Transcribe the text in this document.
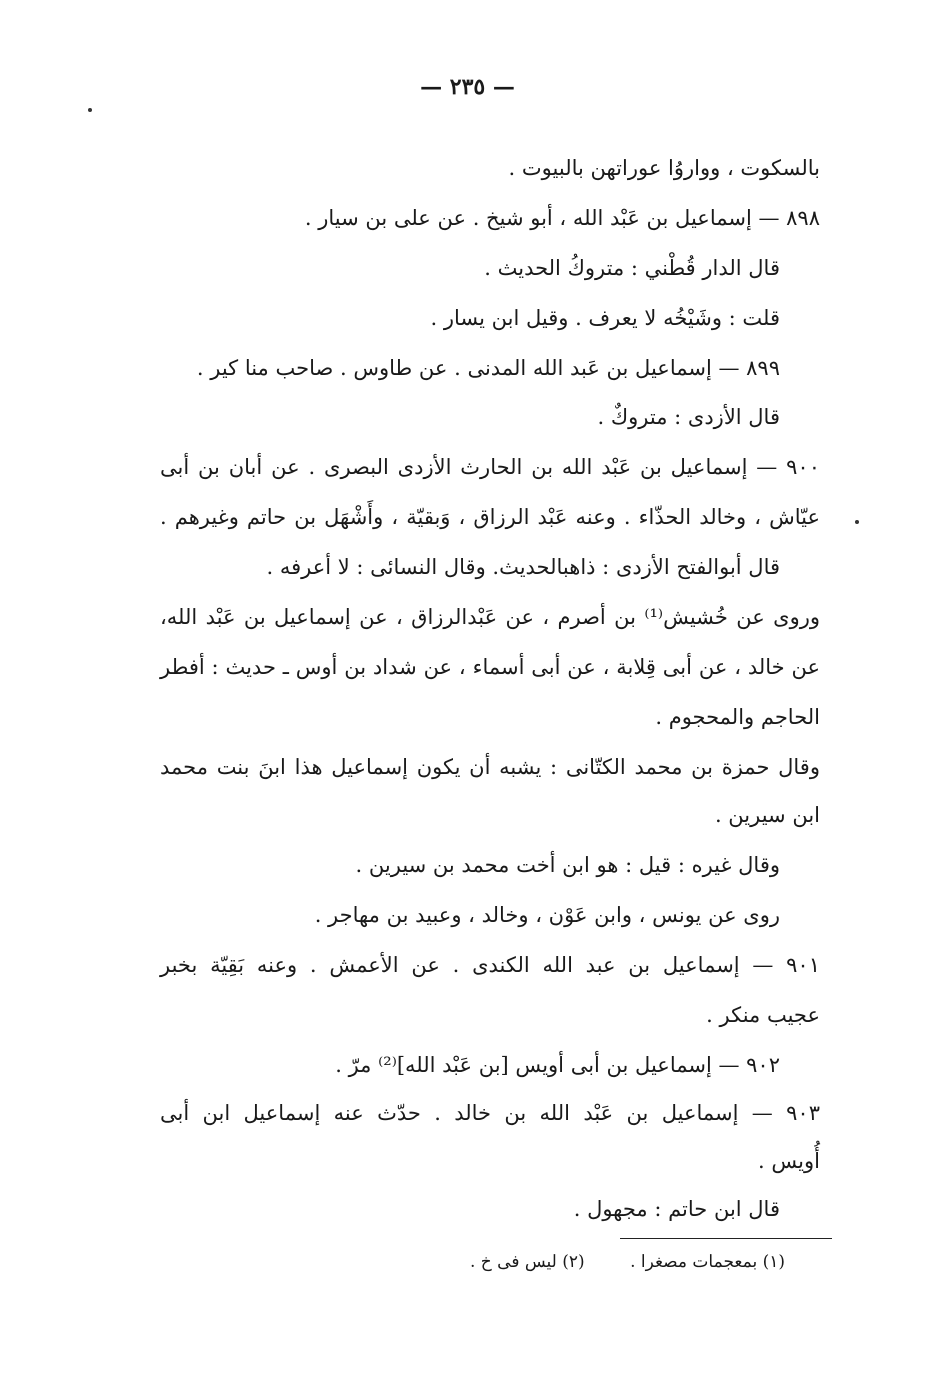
— ٢٣٥ —
بالسكوت ، وواروُا عوراتهن بالبيوت .
٨٩٨ — إسماعيل بن عَبْد الله ، أبو شيخ . عن على بن سيار .
قال الدار قُطْني : متروكُ الحديث .
قلت : وشَيْخُه لا يعرف . وقيل ابن يسار .
٨٩٩ — إسماعيل بن عَبد الله المدنى . عن طاوس . صاحب منا كير .
قال الأزدى : متروكٌ .
٩٠٠ — إسماعيل بن عَبْد الله بن الحارث الأزدى البصرى . عن أبان بن أبى
عيّاش ، وخالد الحذّاء . وعنه عَبْد الرزاق ، وَبقيّة ، وأَشْهَل بن حاتم وغيرهم .
قال أبوالفتح الأزدى : ذاهبالحديث. وقال النسائى : لا أعرفه .
وروى عن خُشيش⁽¹⁾ بن أصرم ، عن عَبْدالرزاق ، عن إسماعيل بن عَبْد الله،
عن خالد ، عن أبى قِلابة ، عن أبى أسماء ، عن شداد بن أوس ـ حديث : أفطر
الحاجم والمحجوم .
وقال حمزة بن محمد الكتّانى : يشبه أن يكون إسماعيل هذا ابنَ بنت محمد
ابن سيرين .
وقال غيره : قيل : هو ابن أخت محمد بن سيرين .
روى عن يونس ، وابن عَوْن ، وخالد ، وعبيد بن مهاجر .
٩٠١ — إسماعيل بن عبد الله الكندى . عن الأعمش . وعنه بَقِيّة بخبر
عجيب منكر .
٩٠٢ — إسماعيل بن أبى أويس [بن عَبْد الله]⁽²⁾ مرّ .
٩٠٣ — إسماعيل بن عَبْد الله بن خالد . حدّث عنه إسماعيل ابن أبى
أُويس .
قال ابن حاتم : مجهول .
(١) بمعجمات مصغرا . (٢) ليس فى خ .
